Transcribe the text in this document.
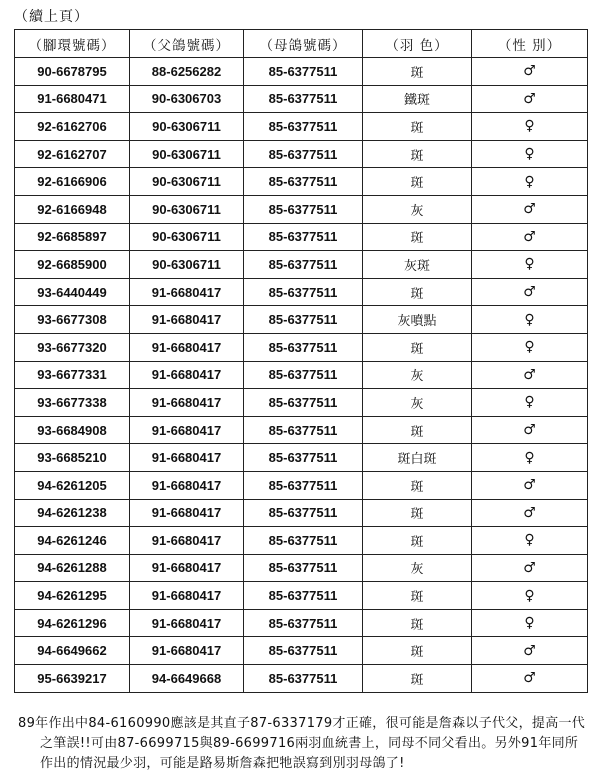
（續上頁）
（腳環號碼）	（父鴿號碼）	（母鴿號碼）	（羽 色）	（性 別）
90-6678795	88-6256282	85-6377511	斑	♂
91-6680471	90-6306703	85-6377511	鐵斑	♂
92-6162706	90-6306711	85-6377511	斑	♀
92-6162707	90-6306711	85-6377511	斑	♀
92-6166906	90-6306711	85-6377511	斑	♀
92-6166948	90-6306711	85-6377511	灰	♂
92-6685897	90-6306711	85-6377511	斑	♂
92-6685900	90-6306711	85-6377511	灰斑	♀
93-6440449	91-6680417	85-6377511	斑	♂
93-6677308	91-6680417	85-6377511	灰噴點	♀
93-6677320	91-6680417	85-6377511	斑	♀
93-6677331	91-6680417	85-6377511	灰	♂
93-6677338	91-6680417	85-6377511	灰	♀
93-6684908	91-6680417	85-6377511	斑	♂
93-6685210	91-6680417	85-6377511	斑白斑	♀
94-6261205	91-6680417	85-6377511	斑	♂
94-6261238	91-6680417	85-6377511	斑	♂
94-6261246	91-6680417	85-6377511	斑	♀
94-6261288	91-6680417	85-6377511	灰	♂
94-6261295	91-6680417	85-6377511	斑	♀
94-6261296	91-6680417	85-6377511	斑	♀
94-6649662	91-6680417	85-6377511	斑	♂
95-6639217	94-6649668	85-6377511	斑	♂

89年作出中84-6160990應該是其直子87-6337179才正確，很可能是詹森以子代父，提高一代之筆誤!!可由87-6699715與89-6699716兩羽血統書上，同母不同父看出。另外91年同所作出的情況最少羽，可能是路易斯詹森把牠誤寫到別羽母鴿了!
